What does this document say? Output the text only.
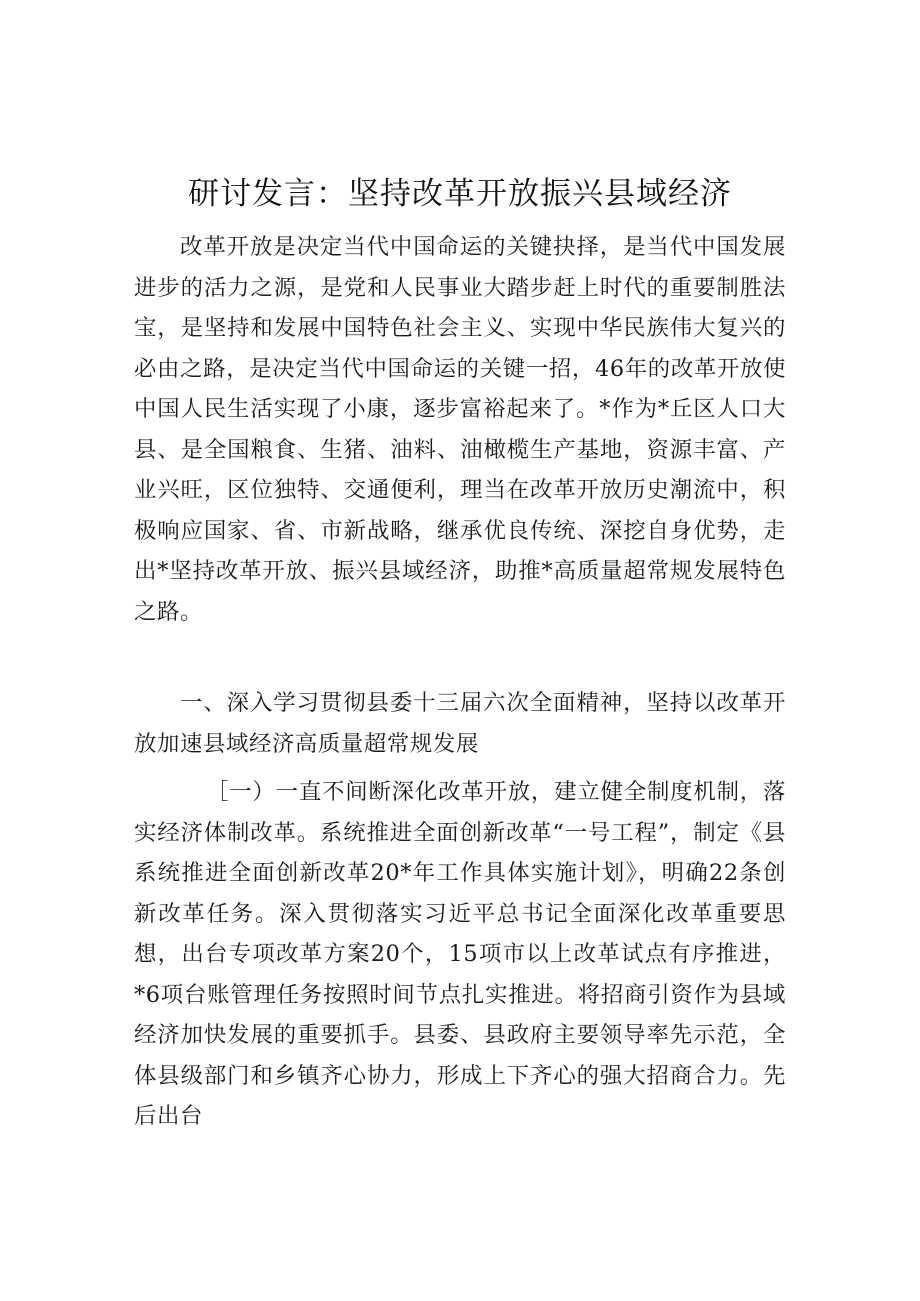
研讨发言：坚持改革开放振兴县域经济

改革开放是决定当代中国命运的关键抉择，是当代中国发展进步的活力之源，是党和人民事业大踏步赶上时代的重要制胜法宝，是坚持和发展中国特色社会主义、实现中华民族伟大复兴的必由之路，是决定当代中国命运的关键一招，46年的改革开放使中国人民生活实现了小康，逐步富裕起来了。*作为*丘区人口大县、是全国粮食、生猪、油料、油橄榄生产基地，资源丰富、产业兴旺，区位独特、交通便利，理当在改革开放历史潮流中，积极响应国家、省、市新战略，继承优良传统、深挖自身优势，走出*坚持改革开放、振兴县域经济，助推*高质量超常规发展特色之路。

一、深入学习贯彻县委十三届六次全面精神，坚持以改革开放加速县域经济高质量超常规发展

［一）一直不间断深化改革开放，建立健全制度机制，落实经济体制改革。系统推进全面创新改革“一号工程”，制定《县系统推进全面创新改革20*年工作具体实施计划》，明确22条创新改革任务。深入贯彻落实习近平总书记全面深化改革重要思想，出台专项改革方案20个，15项市以上改革试点有序推进，*6项台账管理任务按照时间节点扎实推进。将招商引资作为县域经济加快发展的重要抓手。县委、县政府主要领导率先示范，全体县级部门和乡镇齐心协力，形成上下齐心的强大招商合力。先后出台
